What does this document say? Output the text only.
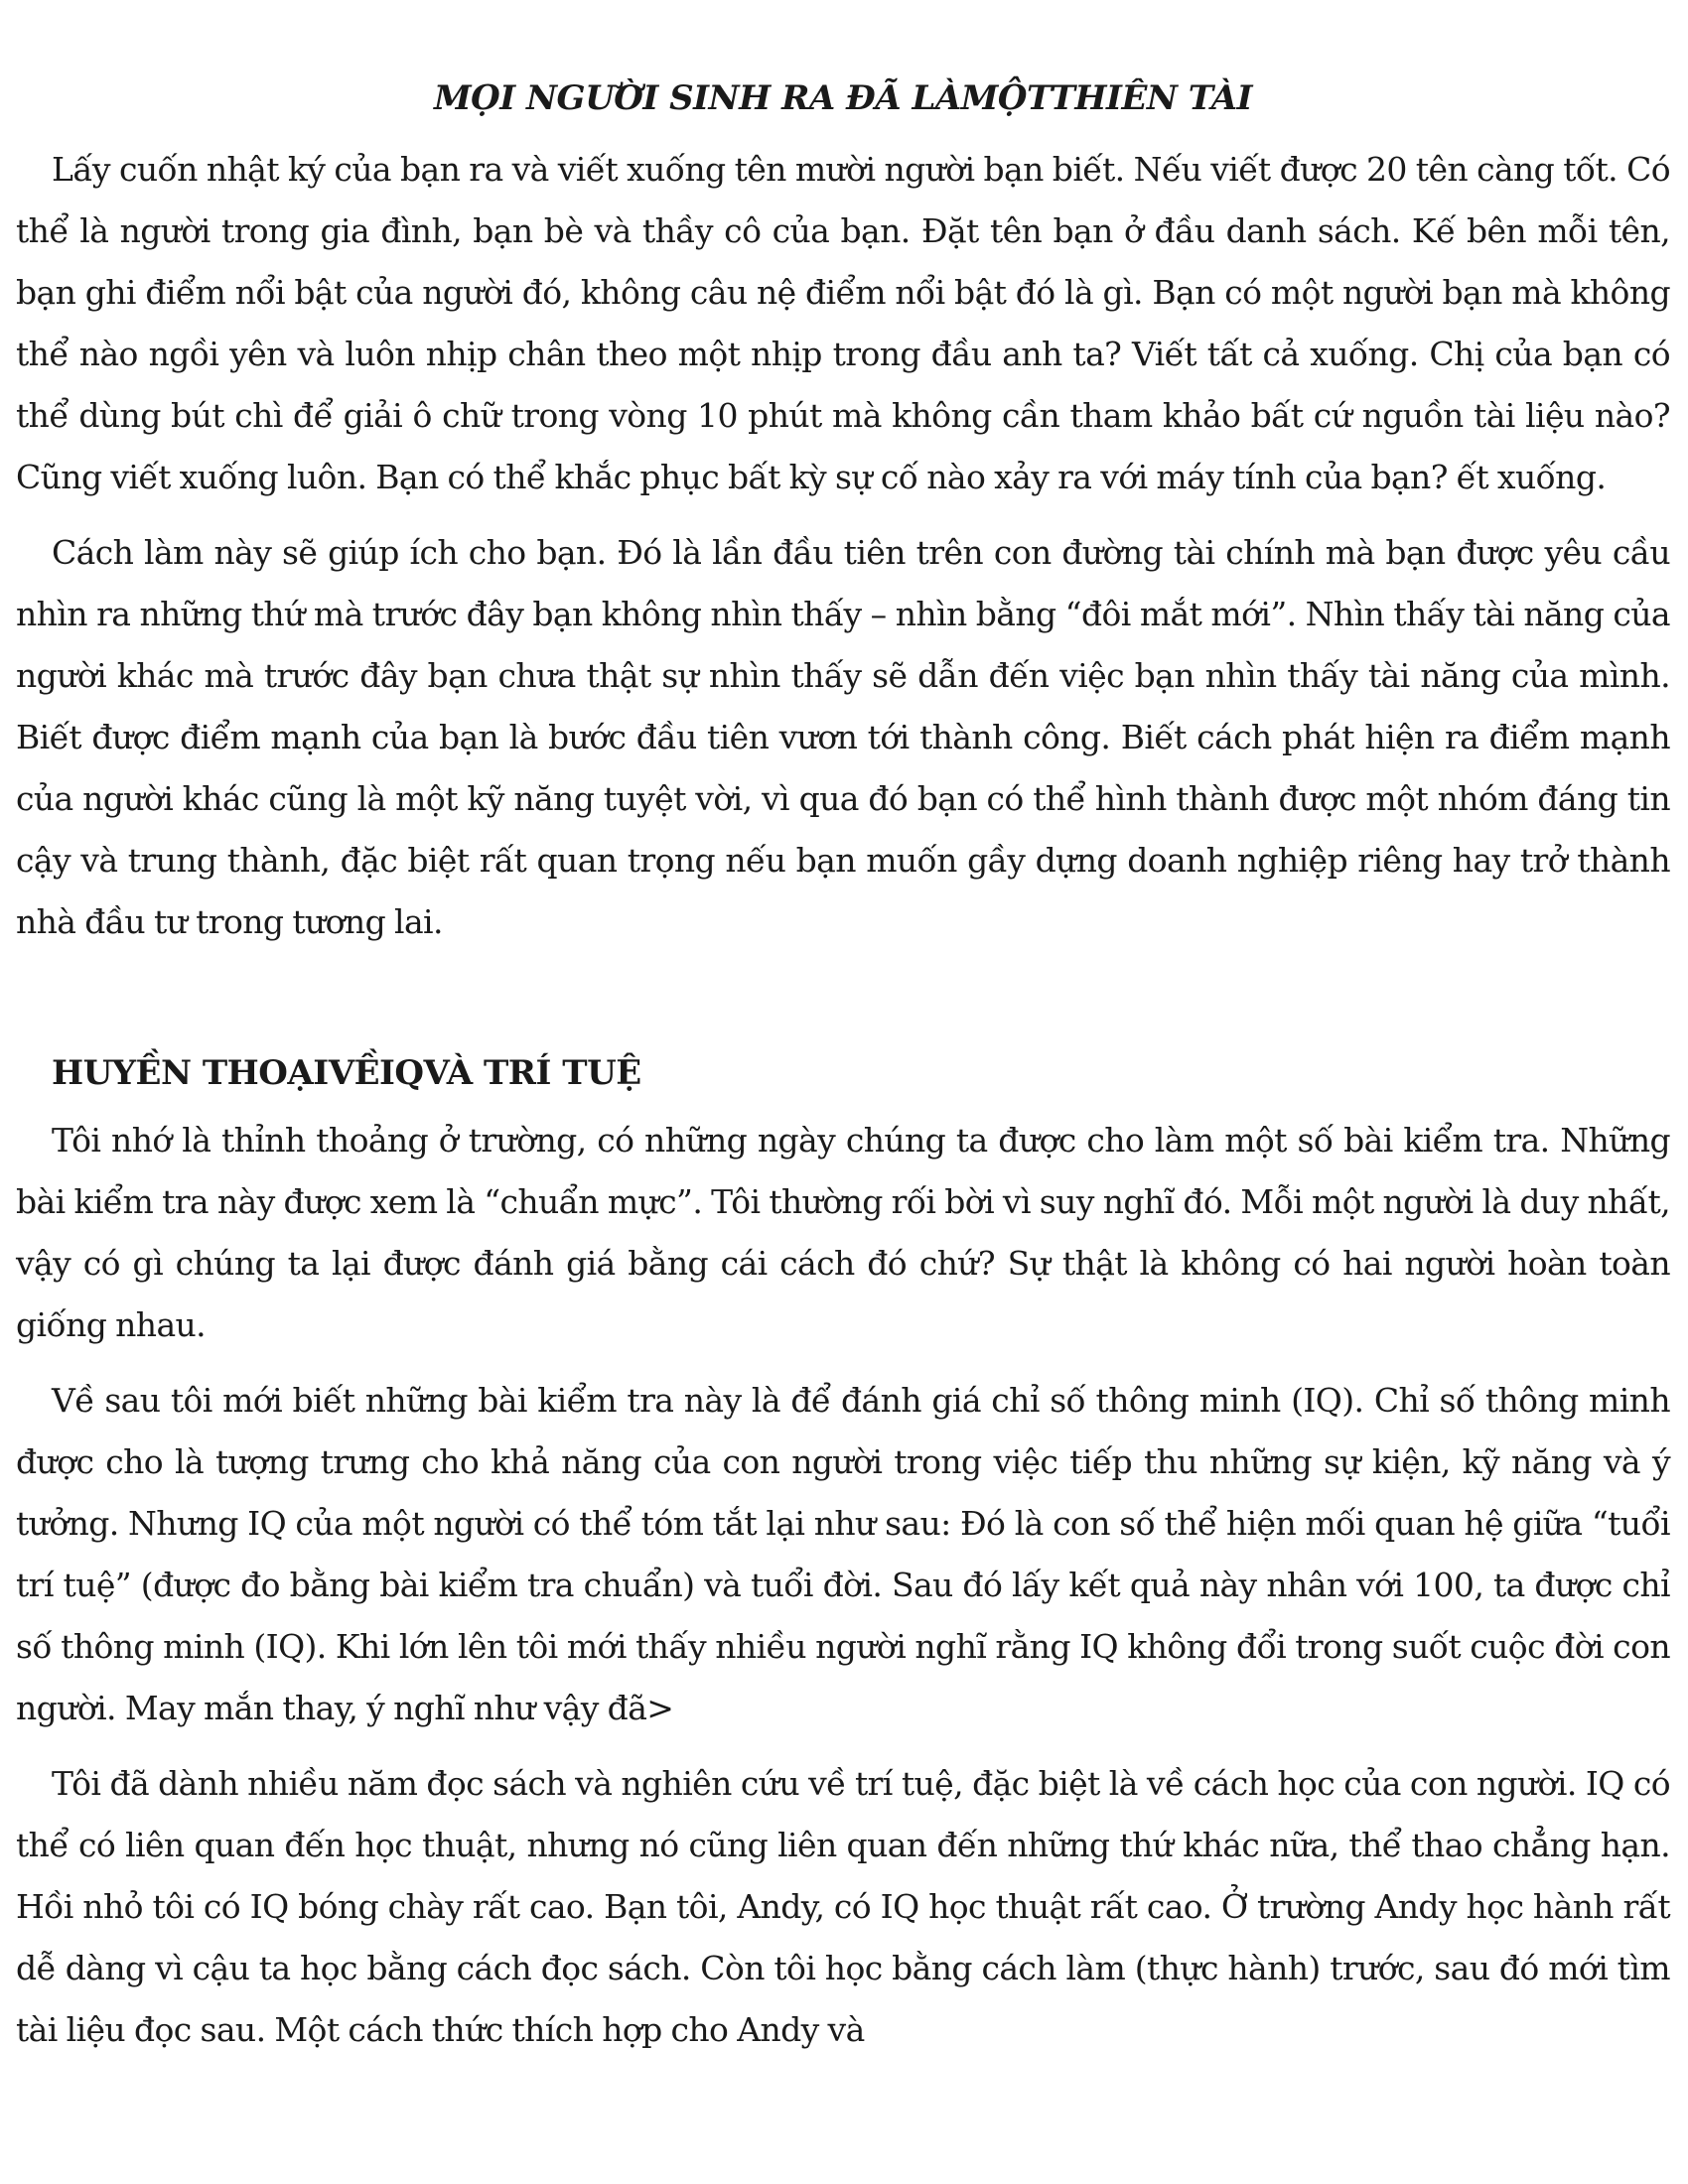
MỌI NGƯỜI SINH RA ĐÃ LÀMỘTTHIÊN TÀI

Lấy cuốn nhật ký của bạn ra và viết xuống tên mười người bạn biết. Nếu viết được 20 tên càng tốt. Có thể là người trong gia đình, bạn bè và thầy cô của bạn. Đặt tên bạn ở đầu danh sách. Kế bên mỗi tên, bạn ghi điểm nổi bật của người đó, không câu nệ điểm nổi bật đó là gì. Bạn có một người bạn mà không thể nào ngồi yên và luôn nhịp chân theo một nhịp trong đầu anh ta? Viết tất cả xuống. Chị của bạn có thể dùng bút chì để giải ô chữ trong vòng 10 phút mà không cần tham khảo bất cứ nguồn tài liệu nào? Cũng viết xuống luôn. Bạn có thể khắc phục bất kỳ sự cố nào xảy ra với máy tính của bạn? ết xuống.

Cách làm này sẽ giúp ích cho bạn. Đó là lần đầu tiên trên con đường tài chính mà bạn được yêu cầu nhìn ra những thứ mà trước đây bạn không nhìn thấy – nhìn bằng “đôi mắt mới”. Nhìn thấy tài năng của người khác mà trước đây bạn chưa thật sự nhìn thấy sẽ dẫn đến việc bạn nhìn thấy tài năng của mình. Biết được điểm mạnh của bạn là bước đầu tiên vươn tới thành công. Biết cách phát hiện ra điểm mạnh của người khác cũng là một kỹ năng tuyệt vời, vì qua đó bạn có thể hình thành được một nhóm đáng tin cậy và trung thành, đặc biệt rất quan trọng nếu bạn muốn gầy dựng doanh nghiệp riêng hay trở thành nhà đầu tư trong tương lai.

HUYỀN THOẠIVỀIQVÀ TRÍ TUỆ

Tôi nhớ là thỉnh thoảng ở trường, có những ngày chúng ta được cho làm một số bài kiểm tra. Những bài kiểm tra này được xem là “chuẩn mực”. Tôi thường rối bời vì suy nghĩ đó. Mỗi một người là duy nhất, vậy có gì chúng ta lại được đánh giá bằng cái cách đó chứ? Sự thật là không có hai người hoàn toàn giống nhau.

Về sau tôi mới biết những bài kiểm tra này là để đánh giá chỉ số thông minh (IQ). Chỉ số thông minh được cho là tượng trưng cho khả năng của con người trong việc tiếp thu những sự kiện, kỹ năng và ý tưởng. Nhưng IQ của một người có thể tóm tắt lại như sau: Đó là con số thể hiện mối quan hệ giữa “tuổi trí tuệ” (được đo bằng bài kiểm tra chuẩn) và tuổi đời. Sau đó lấy kết quả này nhân với 100, ta được chỉ số thông minh (IQ). Khi lớn lên tôi mới thấy nhiều người nghĩ rằng IQ không đổi trong suốt cuộc đời con người. May mắn thay, ý nghĩ như vậy đã>

Tôi đã dành nhiều năm đọc sách và nghiên cứu về trí tuệ, đặc biệt là về cách học của con người. IQ có thể có liên quan đến học thuật, nhưng nó cũng liên quan đến những thứ khác nữa, thể thao chẳng hạn. Hồi nhỏ tôi có IQ bóng chày rất cao. Bạn tôi, Andy, có IQ học thuật rất cao. Ở trường Andy học hành rất dễ dàng vì cậu ta học bằng cách đọc sách. Còn tôi học bằng cách làm (thực hành) trước, sau đó mới tìm tài liệu đọc sau. Một cách thức thích hợp cho Andy và
